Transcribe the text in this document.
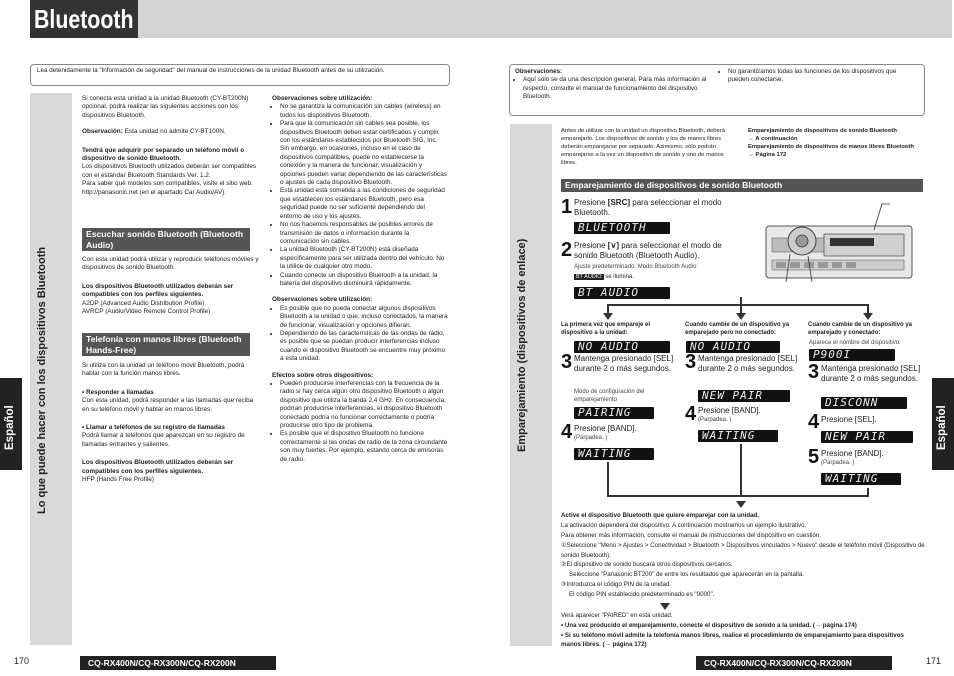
Bluetooth
Lea detenidamente la "Información de seguridad" del manual de instrucciones de la unidad Bluetooth antes de su utilización.
Lo que puede hacer con los dispositivos Bluetooth
Español
Si conecta esta unidad a la unidad Bluetooth (CY-BT200N) opcional, podrá realizar las siguientes acciones con los dispositivos Bluetooth.
Observación: Esta unidad no admite CY-BT100N.
Tendrá que adquirir por separado un teléfono móvil o dispositivo de sonido Bluetooth.
Los dispositivos Bluetooth utilizados deberán ser compatibles con el estándar Bluetooth Standards Ver. 1.2.
Para saber qué modelos son compatibles, visite el sitio web: http://panasonic.net (en el apartado Car Audio/AV).
Escuchar sonido Bluetooth (Bluetooth Audio)
Con esta unidad podrá utilizar y reproducir teléfonos móviles y dispositivos de sonido Bluetooth.
Los dispositivos Bluetooth utilizados deberán ser compatibles con los perfiles siguientes.
A2DP (Advanced Audio Distribution Profile)
AVRCP (Audio/Video Remote Control Profile)
Telefonía con manos libres (Bluetooth Hands-Free)
Si utiliza con la unidad un teléfono móvil Bluetooth, podrá hablar con la función manos libres.
• Responder a llamadas
Con esta unidad, podrá responder a las llamadas que reciba en su teléfono móvil y hablar en manos libres.
• Llamar a teléfonos de su registro de llamadas
Podrá llamar a teléfonos que aparezcan en su registro de llamadas entrantes y salientes.
Los dispositivos Bluetooth utilizados deberán ser compatibles con los perfiles siguientes.
HFP (Hands Free Profile)
Observaciones sobre utilización:
• No se garantiza la comunicación sin cables (wireless) en todos los dispositivos Bluetooth.
• Para que la comunicación sin cables sea posible, los dispositivos Bluetooth deben estar certificados y cumplir con los estándares establecidos por Bluetooth SIG, Inc. Sin embargo, en ocasiones, incluso en el caso de dispositivos compatibles, puede no establecerse la conexión y la manera de funcionar, visualización y opciones pueden variar dependiendo de las características o ajustes de cada dispositivo Bluetooth.
• Está unidad está sometida a las condiciones de seguridad que establecen los estándares Bluetooth, pero esa seguridad puede no ser suficiente dependiendo del entorno de uso y los ajustes.
• No nos hacemos responsables de posibles errores de transmisión de datos o información durante la comunicación sin cables.
• La unidad Bluetooth (CY-BT200N) está diseñada específicamente para ser utilizada dentro del vehículo. No la utilice de cualquier otro modo.
• Cuando conecte un dispositivo Bluetooth a la unidad, la batería del dispositivo disminuirá rápidamente.
Observaciones sobre utilización:
• Es posible que no pueda conectar algunos dispositivos Bluetooth a la unidad o que, incluso conectados, la manera de funcionar, visualización y opciones difieran.
• Dependiendo de las características de las ondas de radio, es posible que se puedan producir interferencias incluso cuando el dispositivo Bluetooth se encuentre muy próximo a esta unidad.
Efectos sobre otros dispositivos:
• Pueden producirse interferencias con la frecuencia de la radio si hay cerca algún otro dispositivo Bluetooth o algún dispositivo que utiliza la banda 2,4 GHz. En consecuencia, podrían producirse interferencias, el dispositivo Bluetooth conectado podría no funcionar correctamente o podría producirse otro tipo de problema.
• Es posible que el dispositivo Bluetooth no funcione correctamente si las ondas de radio de la zona circundante son muy fuertes. Por ejemplo, estando cerca de emisoras de radio.
170	CQ-RX400N/CQ-RX300N/CQ-RX200N
Observaciones:
• Aquí sólo se da una descripción general. Para más información al respecto, consulte el manual de funcionamiento del dispositivo Bluetooth.
• No garantizamos todas las funciones de los dispositivos que pueden conectarse.
Emparejamiento (dispositivos de enlace)	Español
Antes de utilizar con la unidad un dispositivo Bluetooth, deberá emparejarlo. Los dispositivos de sonido y los de manos libres deberán emparejarse por separado. Asimismo, sólo podrán emparejarse a la vez un dispositivo de sonido y uno de manos libres.
Emparejamiento de dispositivos de sonido Bluetooth
→ A continuación
Emparejamiento de dispositivos de manos libres Bluetooth
→ Página 172
Emparejamiento de dispositivos de sonido Bluetooth
1 Presione [SRC] para seleccionar el modo Bluetooth.
BLUETOOTH
2 Presione [∨] para seleccionar el modo de sonido Bluetooth (Bluetooth Audio).
Ajuste predeterminado: Modo Bluetooth Audio
BT AUDIO se ilumina.
BT AUDIO
La primera vez que empareje el dispositivo a la unidad:
NO AUDIO
3 Mantenga presionado [SEL] durante 2 o más segundos.
Modo de configuración del emparejamiento
PAIRING
4 Presione [BAND].
(Parpadea. )
WAITING
Cuando cambie de un dispositivo ya emparejado pero no conectado:
NO AUDIO
3 Mantenga presionado [SEL] durante 2 o más segundos.
NEW PAIR
4 Presione [BAND].
(Parpadea. )
WAITING
Cuando cambie de un dispositivo ya emparejado y conectado:
Aparece el nombre del dispositivo.
P900I
3 Mantenga presionado [SEL] durante 2 o más segundos.
DISCONN
4 Presione [SEL].
NEW PAIR
5 Presione [BAND].
(Parpadea. )
WAITING
Active el dispositivo Bluetooth que quiere emparejar con la unidad.
La activación dependerá del dispositivo. A continuación mostramos un ejemplo ilustrativo.
Para obtener más información, consulte el manual de instrucciones del dispositivo en cuestión.
①Seleccione "Menú > Ajustes > Conectividad > Bluetooth > Dispositivos vinculados > Nuevo" desde el teléfono móvil (Dispositivo de sonido Bluetooth).
②El dispositivo de sonido buscará otros dispositivos cercanos.
Seleccione "Panasonic BT200" de entre los resultados que aparecerán en la pantalla.
③Introduzca el código PIN de la unidad.
El código PIN establecido predeterminado es "0000".
Verá aparecer "PAIRED" en esta unidad.
• Una vez producido el emparejamiento, conecte el dispositivo de sonido a la unidad. (→ página 174)
• Si su teléfono móvil admite la telefonía manos libres, realice el procedimiento de emparejamiento para dispositivos manos libres. (→ página 172)
CQ-RX400N/CQ-RX300N/CQ-RX200N	171
